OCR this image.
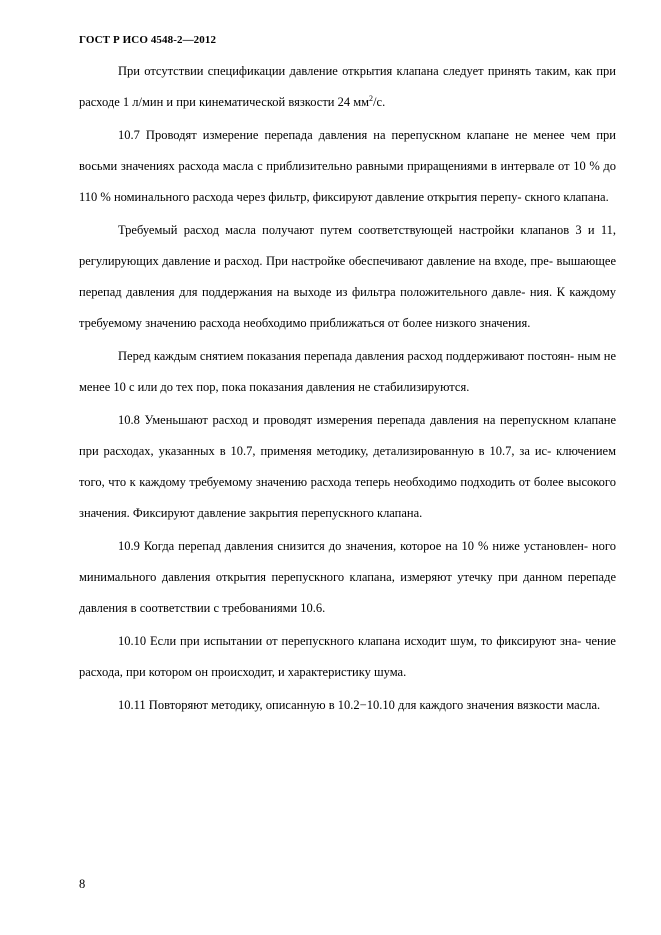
ГОСТ Р ИСО 4548-2—2012

При отсутствии спецификации давление открытия клапана следует принять таким, как при расходе 1 л/мин и при кинематической вязкости 24 $мм^2/с$.

10.7 Проводят измерение перепада давления на перепускном клапане не менее чем при восьми значениях расхода масла с приблизительно равными приращениями в интервале от 10 % до 110 % номинального расхода через фильтр, фиксируют давление открытия перепу- скного клапана.

Требуемый расход масла получают путем соответствующей настройки клапанов 3 и 11, регулирующих давление и расход. При настройке обеспечивают давление на входе, пре- вышающее перепад давления для поддержания на выходе из фильтра положительного давле- ния. К каждому требуемому значению расхода необходимо приближаться от более низкого значения.

Перед каждым снятием показания перепада давления расход поддерживают постоян- ным не менее 10 с или до тех пор, пока показания давления не стабилизируются.

10.8 Уменьшают расход и проводят измерения перепада давления на перепускном клапане при расходах, указанных в 10.7, применяя методику, детализированную в 10.7, за ис- ключением того, что к каждому требуемому значению расхода теперь необходимо подходить от более высокого значения. Фиксируют давление закрытия перепускного клапана.

10.9 Когда перепад давления снизится до значения, которое на 10 % ниже установлен- ного минимального давления открытия перепускного клапана, измеряют утечку при данном перепаде давления в соответствии с требованиями 10.6.

10.10 Если при испытании от перепускного клапана исходит шум, то фиксируют зна- чение расхода, при котором он происходит, и характеристику шума.

10.11 Повторяют методику, описанную в 10.2−10.10 для каждого значения вязкости масла.

8
